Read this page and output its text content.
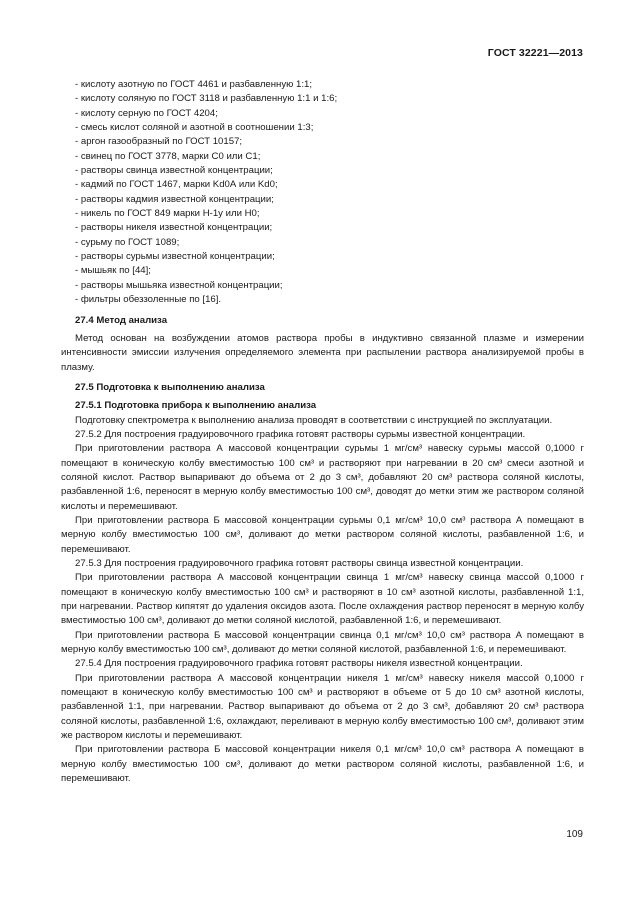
ГОСТ 32221—2013
- кислоту азотную по ГОСТ 4461 и разбавленную 1:1;
- кислоту соляную по ГОСТ 3118 и разбавленную 1:1 и 1:6;
- кислоту серную по ГОСТ 4204;
- смесь кислот соляной и азотной в соотношении 1:3;
- аргон газообразный по ГОСТ 10157;
- свинец по ГОСТ 3778, марки С0 или С1;
- растворы свинца известной концентрации;
- кадмий по ГОСТ 1467, марки Kd0А или Kd0;
- растворы кадмия известной концентрации;
- никель по ГОСТ 849 марки Н-1у или Н0;
- растворы никеля известной концентрации;
- сурьму по ГОСТ 1089;
- растворы сурьмы известной концентрации;
- мышьяк по [44];
- растворы мышьяка известной концентрации;
- фильтры обеззоленные по [16].
27.4 Метод анализа

Метод основан на возбуждении атомов раствора пробы в индуктивно связанной плазме и измерении интенсивности эмиссии излучения определяемого элемента при распылении раствора анализируемой пробы в плазму.

27.5 Подготовка к выполнению анализа
27.5.1 Подготовка прибора к выполнению анализа

Подготовку спектрометра к выполнению анализа проводят в соответствии с инструкцией по эксплуатации.

27.5.2 Для построения градуировочного графика готовят растворы сурьмы известной концентрации.

При приготовлении раствора А массовой концентрации сурьмы 1 мг/см³ навеску сурьмы массой 0,1000 г помещают в коническую колбу вместимостью 100 см³ и растворяют при нагревании в 20 см³ смеси азотной и соляной кислот. Раствор выпаривают до объема от 2 до 3 см³, добавляют 20 см³ раствора соляной кислоты, разбавленной 1:6, переносят в мерную колбу вместимостью 100 см³, доводят до метки этим же раствором соляной кислоты и перемешивают.

При приготовлении раствора Б массовой концентрации сурьмы 0,1 мг/см³ 10,0 см³ раствора А помещают в мерную колбу вместимостью 100 см³, доливают до метки раствором соляной кислоты, разбавленной 1:6, и перемешивают.

27.5.3 Для построения градуировочного графика готовят растворы свинца известной концентрации.

При приготовлении раствора А массовой концентрации свинца 1 мг/см³ навеску свинца массой 0,1000 г помещают в коническую колбу вместимостью 100 см³ и растворяют в 10 см³ азотной кислоты, разбавленной 1:1, при нагревании. Раствор кипятят до удаления оксидов азота. После охлаждения раствор переносят в мерную колбу вместимостью 100 см³, доливают до метки соляной кислотой, разбавленной 1:6, и перемешивают.

При приготовлении раствора Б массовой концентрации свинца 0,1 мг/см³ 10,0 см³ раствора А помещают в мерную колбу вместимостью 100 см³, доливают до метки соляной кислотой, разбавленной 1:6, и перемешивают.

27.5.4 Для построения градуировочного графика готовят растворы никеля известной концентрации.

При приготовлении раствора А массовой концентрации никеля 1 мг/см³ навеску никеля массой 0,1000 г помещают в коническую колбу вместимостью 100 см³ и растворяют в объеме от 5 до 10 см³ азотной кислоты, разбавленной 1:1, при нагревании. Раствор выпаривают до объема от 2 до 3 см³, добавляют 20 см³ раствора соляной кислоты, разбавленной 1:6, охлаждают, переливают в мерную колбу вместимостью 100 см³, доливают этим же раствором кислоты и перемешивают.

При приготовлении раствора Б массовой концентрации никеля 0,1 мг/см³ 10,0 см³ раствора А помещают в мерную колбу вместимостью 100 см³, доливают до метки раствором соляной кислоты, разбавленной 1:6, и перемешивают.

109
